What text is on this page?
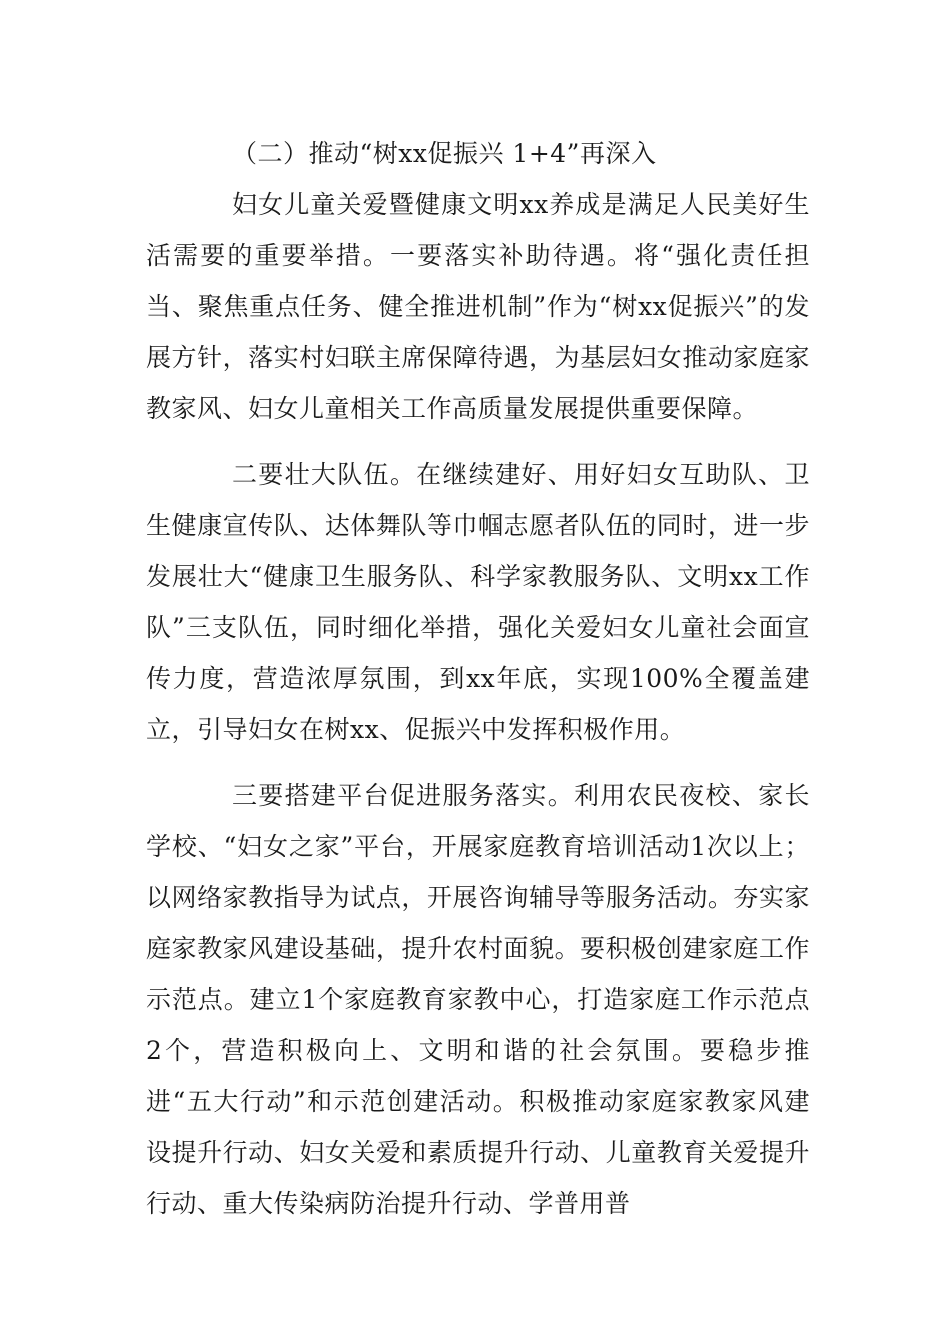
（二）推动“树xx促振兴 1+4”再深入

妇女儿童关爱暨健康文明xx养成是满足人民美好生活需要的重要举措。一要落实补助待遇。将“强化责任担当、聚焦重点任务、健全推进机制”作为“树xx促振兴”的发展方针，落实村妇联主席保障待遇，为基层妇女推动家庭家教家风、妇女儿童相关工作高质量发展提供重要保障。

二要壮大队伍。在继续建好、用好妇女互助队、卫生健康宣传队、达体舞队等巾帼志愿者队伍的同时，进一步发展壮大“健康卫生服务队、科学家教服务队、文明xx工作队”三支队伍，同时细化举措，强化关爱妇女儿童社会面宣传力度，营造浓厚氛围，到xx年底，实现100%全覆盖建立，引导妇女在树xx、促振兴中发挥积极作用。

三要搭建平台促进服务落实。利用农民夜校、家长学校、“妇女之家”平台，开展家庭教育培训活动1次以上；以网络家教指导为试点，开展咨询辅导等服务活动。夯实家庭家教家风建设基础，提升农村面貌。要积极创建家庭工作示范点。建立1个家庭教育家教中心，打造家庭工作示范点2个，营造积极向上、文明和谐的社会氛围。要稳步推进“五大行动”和示范创建活动。积极推动家庭家教家风建设提升行动、妇女关爱和素质提升行动、儿童教育关爱提升行动、重大传染病防治提升行动、学普用普
